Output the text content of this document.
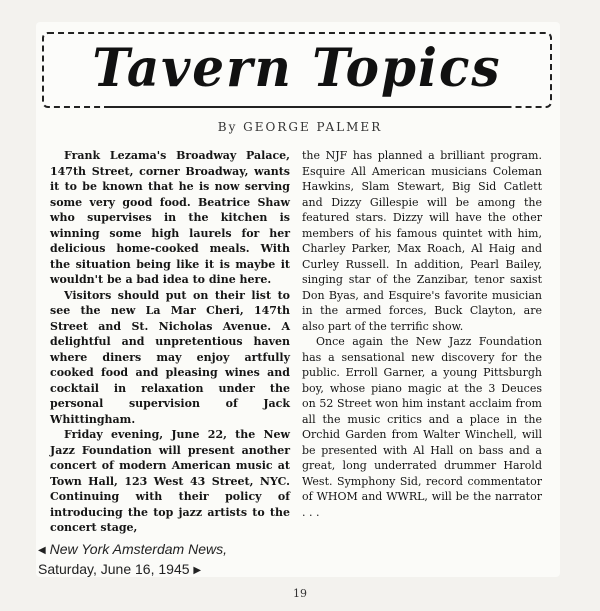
Tavern Topics
By GEORGE PALMER

Frank Lezama's Broadway Palace, 147th Street, corner Broadway, wants it to be known that he is now serving some very good food. Beatrice Shaw who supervises in the kitchen is winning some high laurels for her delicious home-cooked meals. With the situation being like it is maybe it wouldn't be a bad idea to dine here.

Visitors should put on their list to see the new La Mar Cheri, 147th Street and St. Nicholas Avenue. A delightful and unpretentious haven where diners may enjoy artfully cooked food and pleasing wines and cocktail in relaxation under the personal supervision of Jack Whittingham.

Friday evening, June 22, the New Jazz Foundation will present another concert of modern American music at Town Hall, 123 West 43 Street, NYC. Continuing with their policy of introducing the top jazz artists to the concert stage,

the NJF has planned a brilliant program. Esquire All American musicians Coleman Hawkins, Slam Stewart, Big Sid Catlett and Dizzy Gillespie will be among the featured stars. Dizzy will have the other members of his famous quintet with him, Charley Parker, Max Roach, Al Haig and Curley Russell. In addition, Pearl Bailey, singing star of the Zanzibar, tenor saxist Don Byas, and Esquire's favorite musician in the armed forces, Buck Clayton, are also part of the terrific show.

Once again the New Jazz Foundation has a sensational new discovery for the public. Erroll Garner, a young Pittsburgh boy, whose piano magic at the 3 Deuces on 52 Street won him instant acclaim from all the music critics and a place in the Orchid Garden from Walter Winchell, will be presented with Al Hall on bass and a great, long underrated drummer Harold West. Symphony Sid, record commentator of WHOM and WWRL, will be the narrator . . .

◀ New York Amsterdam News,
Saturday, June 16, 1945 ▶
19
